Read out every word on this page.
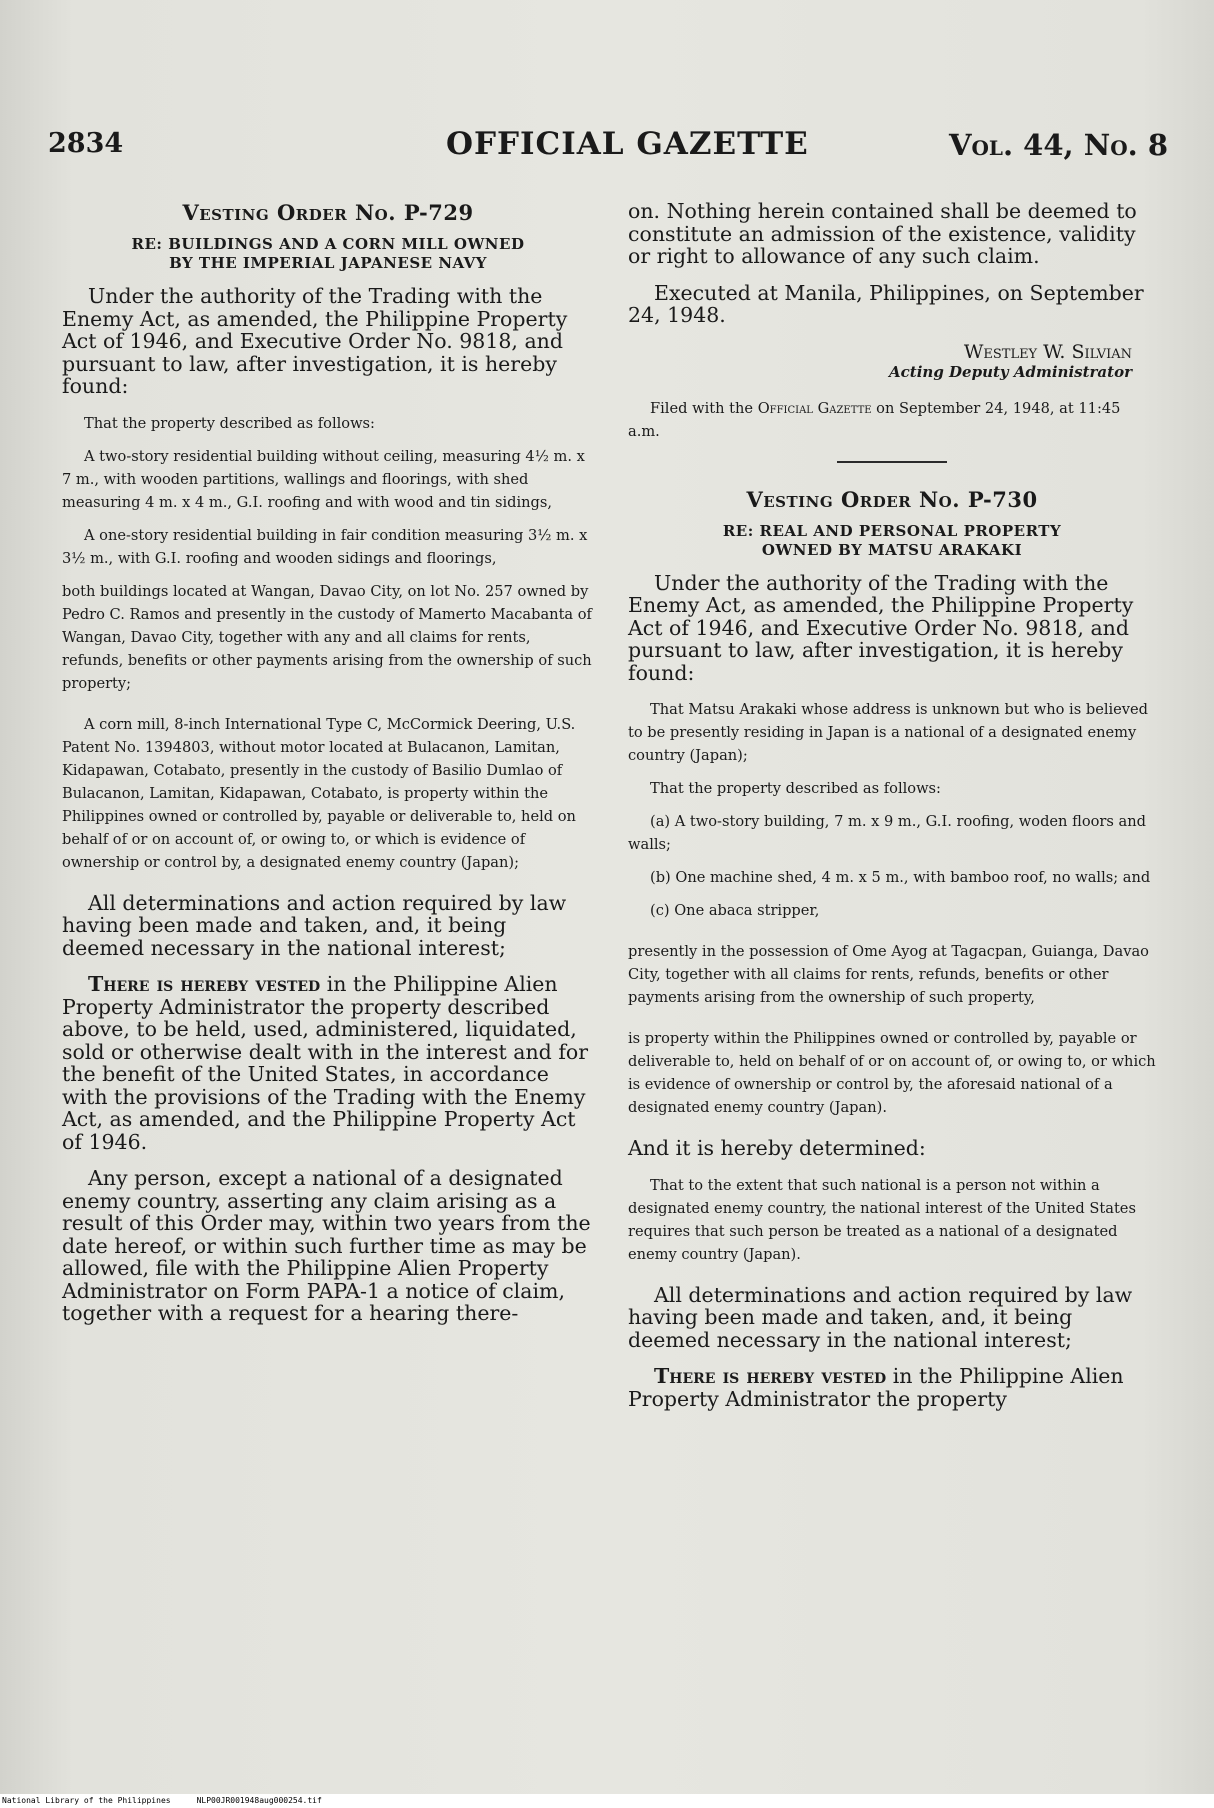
2834	OFFICIAL GAZETTE	Vol. 44, No. 8
Vesting Order No. P-729
RE: BUILDINGS AND A CORN MILL OWNED
BY THE IMPERIAL JAPANESE NAVY

Under the authority of the Trading with the Enemy Act, as amended, the Philippine Property Act of 1946, and Executive Order No. 9818, and pursuant to law, after investigation, it is hereby found:

That the property described as follows:

A two-story residential building without ceiling, measuring 4½ m. x 7 m., with wooden partitions, wallings and floorings, with shed measuring 4 m. x 4 m., G.I. roofing and with wood and tin sidings,

A one-story residential building in fair condition measuring 3½ m. x 3½ m., with G.I. roofing and wooden sidings and floorings,

both buildings located at Wangan, Davao City, on lot No. 257 owned by Pedro C. Ramos and presently in the custody of Mamerto Macabanta of Wangan, Davao City, together with any and all claims for rents, refunds, benefits or other payments arising from the ownership of such property;

A corn mill, 8-inch International Type C, McCormick Deering, U.S. Patent No. 1394803, without motor located at Bulacanon, Lamitan, Kidapawan, Cotabato, presently in the custody of Basilio Dumlao of Bulacanon, Lamitan, Kidapawan, Cotabato, is property within the Philippines owned or controlled by, payable or deliverable to, held on behalf of or on account of, or owing to, or which is evidence of ownership or control by, a designated enemy country (Japan);

All determinations and action required by law having been made and taken, and, it being deemed necessary in the national interest;

There is hereby vested in the Philippine Alien Property Administrator the property described above, to be held, used, administered, liquidated, sold or otherwise dealt with in the interest and for the benefit of the United States, in accordance with the provisions of the Trading with the Enemy Act, as amended, and the Philippine Property Act of 1946.

Any person, except a national of a designated enemy country, asserting any claim arising as a result of this Order may, within two years from the date hereof, or within such further time as may be allowed, file with the Philippine Alien Property Administrator on Form PAPA-1 a notice of claim, together with a request for a hearing there-

on. Nothing herein contained shall be deemed to constitute an admission of the existence, validity or right to allowance of any such claim.

Executed at Manila, Philippines, on September 24, 1948.

Westley W. Silvian
Acting Deputy Administrator

Filed with the Official Gazette on September 24, 1948, at 11:45 a.m.

Vesting Order No. P-730
RE: REAL AND PERSONAL PROPERTY
OWNED BY MATSU ARAKAKI

Under the authority of the Trading with the Enemy Act, as amended, the Philippine Property Act of 1946, and Executive Order No. 9818, and pursuant to law, after investigation, it is hereby found:

That Matsu Arakaki whose address is unknown but who is believed to be presently residing in Japan is a national of a designated enemy country (Japan);

That the property described as follows:

(a) A two-story building, 7 m. x 9 m., G.I. roofing, woden floors and walls;

(b) One machine shed, 4 m. x 5 m., with bamboo roof, no walls; and

(c) One abaca stripper,

presently in the possession of Ome Ayog at Tagacpan, Guianga, Davao City, together with all claims for rents, refunds, benefits or other payments arising from the ownership of such property,

is property within the Philippines owned or controlled by, payable or deliverable to, held on behalf of or on account of, or owing to, or which is evidence of ownership or control by, the aforesaid national of a designated enemy country (Japan).

And it is hereby determined:

That to the extent that such national is a person not within a designated enemy country, the national interest of the United States requires that such person be treated as a national of a designated enemy country (Japan).

All determinations and action required by law having been made and taken, and, it being deemed necessary in the national interest;

There is hereby vested in the Philippine Alien Property Administrator the property

National Library of the Philippines	NLP00JR001948aug000254.tif
